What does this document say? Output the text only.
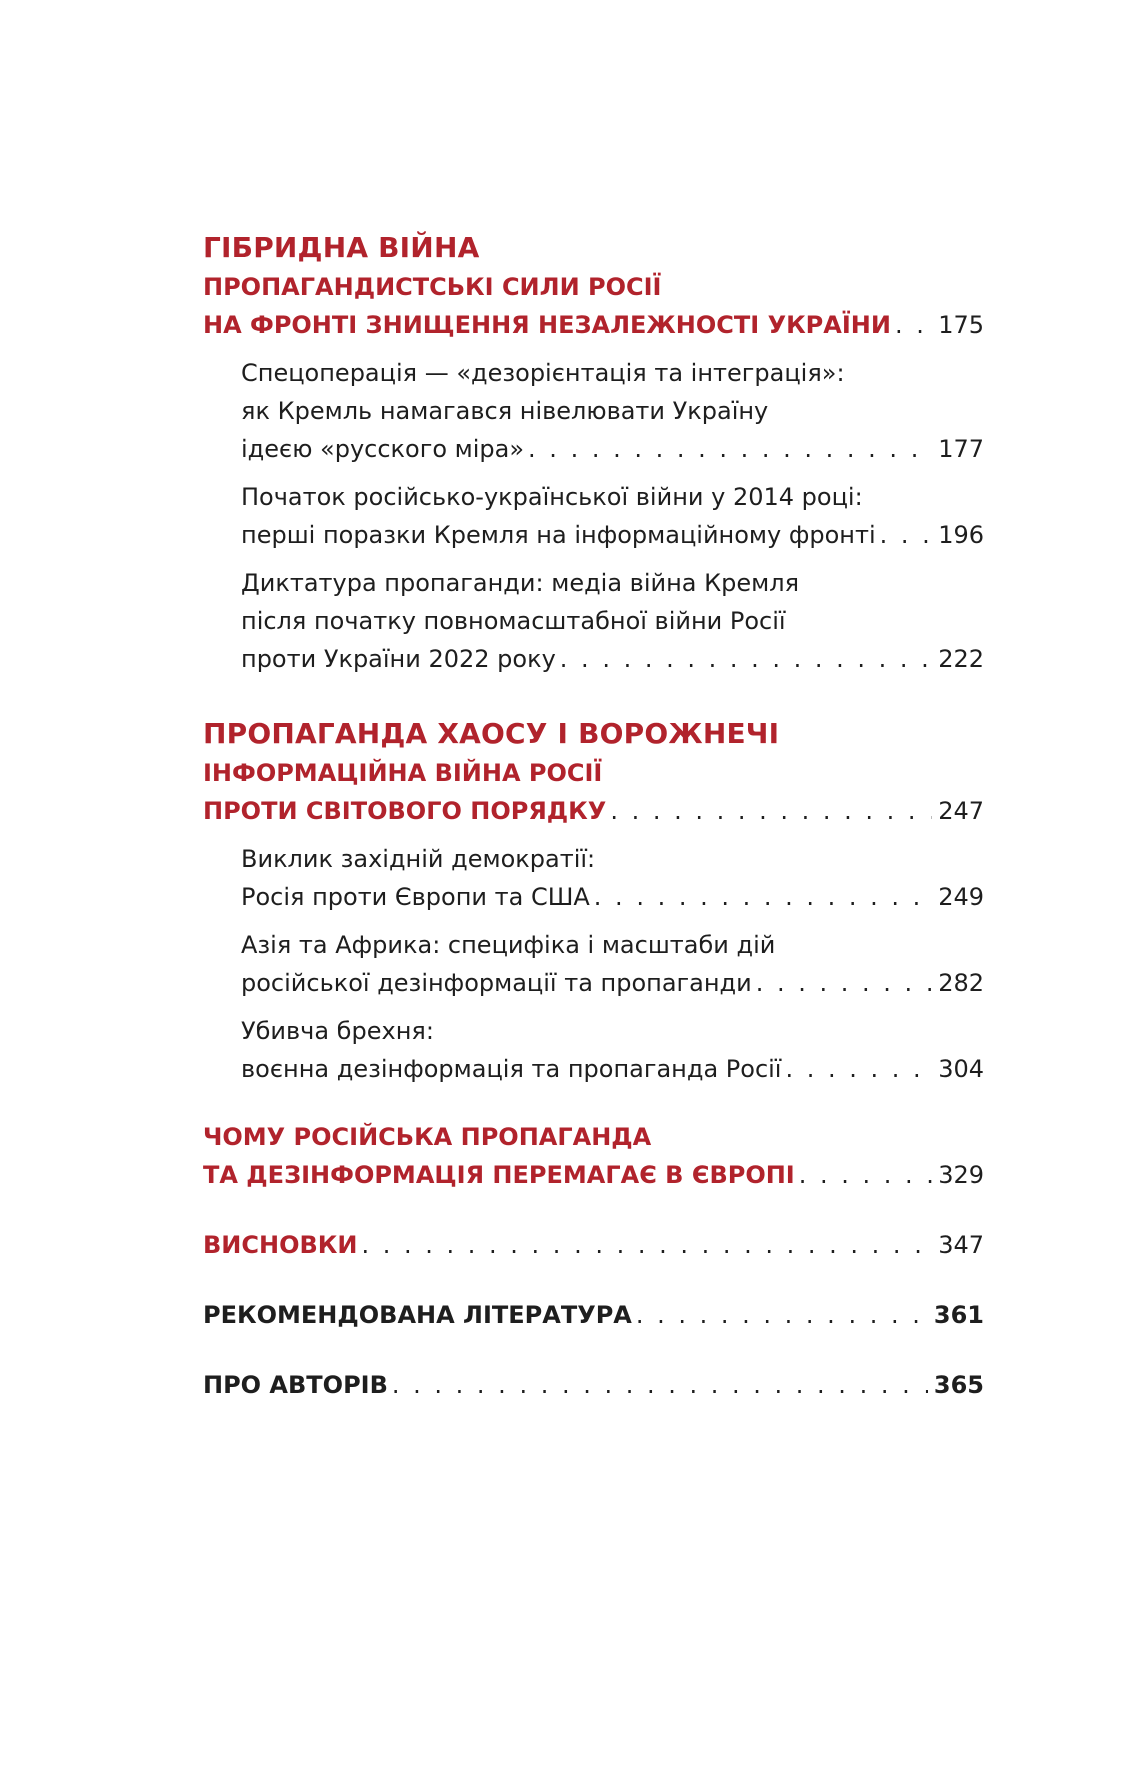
ГІБРИДНА ВІЙНА
ПРОПАГАНДИСТСЬКІ СИЛИ РОСІЇ
НА ФРОНТІ ЗНИЩЕННЯ НЕЗАЛЕЖНОСТІ УКРАЇНИ . . . 175
Спецоперація — «дезорієнтація та інтеграція»:
як Кремль намагався нівелювати Україну
ідеєю «русского міра» . . .	177
Початок російсько-української війни у 2014 році:
перші поразки Кремля на інформаційному фронті . . .	196
Диктатура пропаганди: медіа війна Кремля
після початку повномасштабної війни Росії
проти України 2022 року . . .	222
ПРОПАГАНДА ХАОСУ І ВОРОЖНЕЧІ
ІНФОРМАЦІЙНА ВІЙНА РОСІЇ
ПРОТИ СВІТОВОГО ПОРЯДКУ . . .	247
Виклик західній демократії:
Росія проти Європи та США . . .	249
Азія та Африка: специфіка і масштаби дій
російської дезінформації та пропаганди . . .	282
Убивча брехня:
воєнна дезінформація та пропаганда Росії . . .	304
ЧОМУ РОСІЙСЬКА ПРОПАГАНДА
ТА ДЕЗІНФОРМАЦІЯ ПЕРЕМАГАЄ В ЄВРОПІ . . .	329
ВИСНОВКИ . . .	347
РЕКОМЕНДОВАНА ЛІТЕРАТУРА . . .	361
ПРО АВТОРІВ . . .	365
